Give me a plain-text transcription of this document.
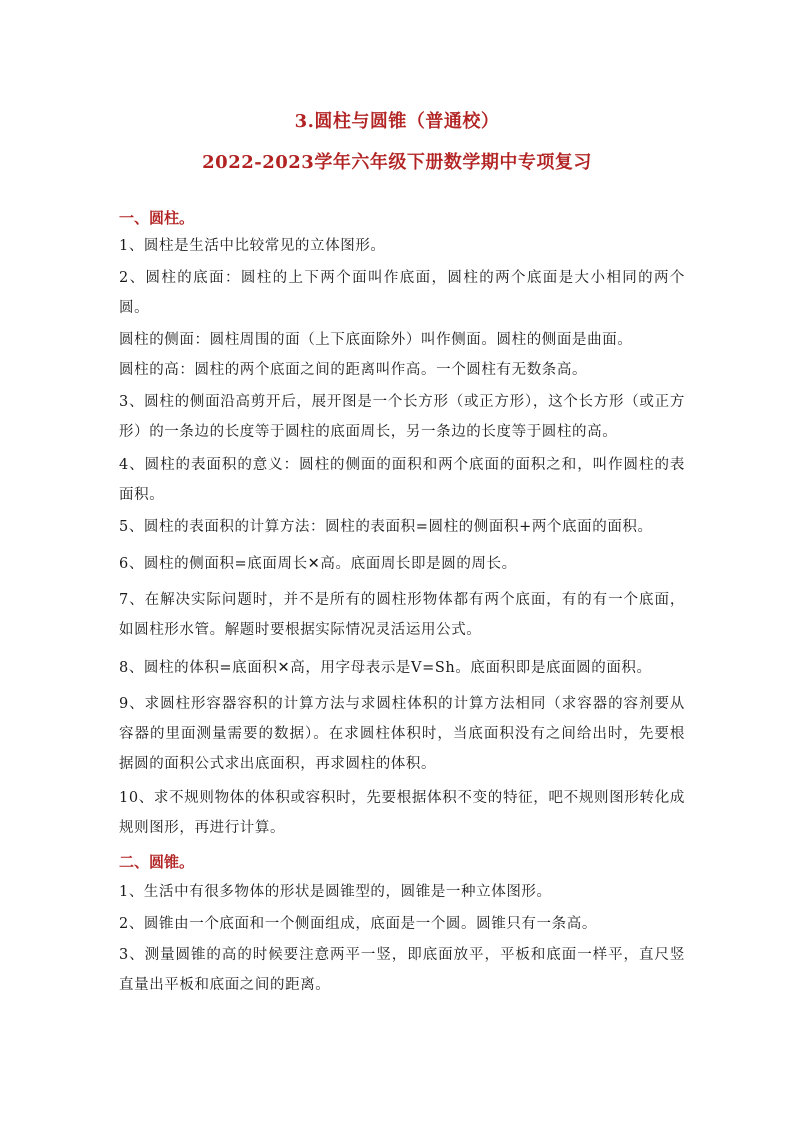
3.圆柱与圆锥（普通校）
2022-2023学年六年级下册数学期中专项复习
一、圆柱。
1、圆柱是生活中比较常见的立体图形。
2、圆柱的底面：圆柱的上下两个面叫作底面，圆柱的两个底面是大小相同的两个圆。
圆柱的侧面：圆柱周围的面（上下底面除外）叫作侧面。圆柱的侧面是曲面。
圆柱的高：圆柱的两个底面之间的距离叫作高。一个圆柱有无数条高。
3、圆柱的侧面沿高剪开后，展开图是一个长方形（或正方形），这个长方形（或正方形）的一条边的长度等于圆柱的底面周长，另一条边的长度等于圆柱的高。
4、圆柱的表面积的意义：圆柱的侧面的面积和两个底面的面积之和，叫作圆柱的表面积。
5、圆柱的表面积的计算方法：圆柱的表面积=圆柱的侧面积+两个底面的面积。
6、圆柱的侧面积=底面周长✕高。底面周长即是圆的周长。
7、在解决实际问题时，并不是所有的圆柱形物体都有两个底面，有的有一个底面，如圆柱形水管。解题时要根据实际情况灵活运用公式。
8、圆柱的体积=底面积✕高，用字母表示是V=Sh。底面积即是底面圆的面积。
9、求圆柱形容器容积的计算方法与求圆柱体积的计算方法相同（求容器的容剂要从容器的里面测量需要的数据）。在求圆柱体积时，当底面积没有之间给出时，先要根据圆的面积公式求出底面积，再求圆柱的体积。
10、求不规则物体的体积或容积时，先要根据体积不变的特征，吧不规则图形转化成规则图形，再进行计算。
二、圆锥。
1、生活中有很多物体的形状是圆锥型的，圆锥是一种立体图形。
2、圆锥由一个底面和一个侧面组成，底面是一个圆。圆锥只有一条高。
3、测量圆锥的高的时候要注意两平一竖，即底面放平，平板和底面一样平，直尺竖直量出平板和底面之间的距离。
